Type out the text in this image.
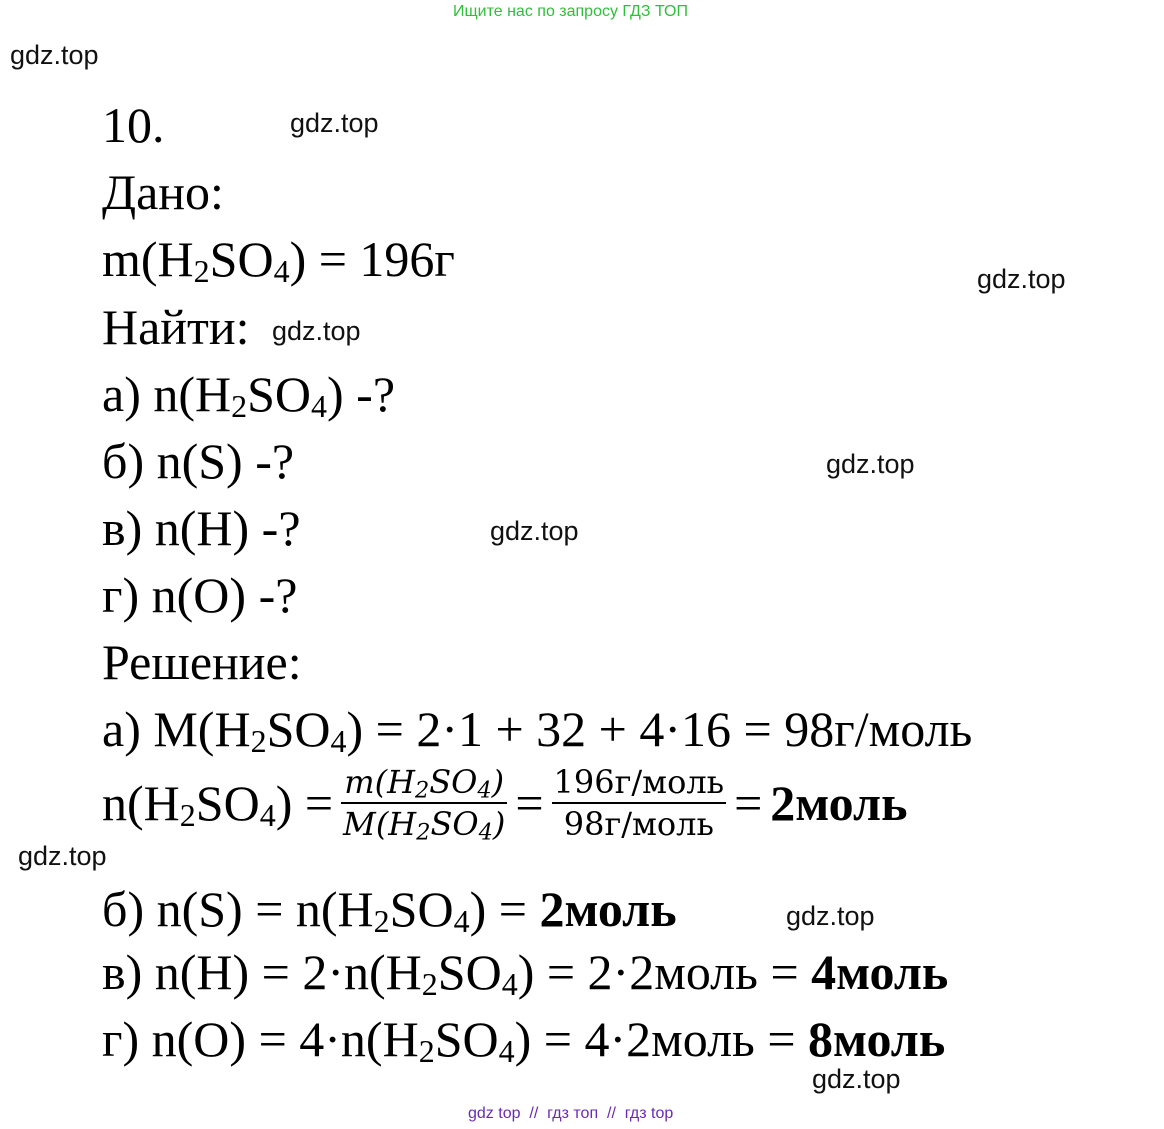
Ищите нас по запросу ГДЗ ТОП
gdz.top
gdz.top
gdz.top
gdz.top
gdz.top
gdz.top
gdz.top
gdz.top
gdz.top
10.
Дано:
$m(H_2SO_4) = 196г$
Найти:
а) $n(H_2SO_4)$ -?
б) n(S) -?
в) n(H) -?
г) n(O) -?
Решение:
а) $M(H_2SO_4) = 2\cdot 1 + 32 + 4\cdot 16$ = 98г/моль
$n(H_2SO_4) = \frac{m(H_2SO_4)}{M(H_2SO_4)} = \frac{\text{196г/моль}}{\text{98г/моль}}$ = 2моль
б) $n(S) = n(H_2SO_4)$ = 2моль
в) $n(H) = 2\cdot n(H_2SO_4)$ = 2·2моль = 4моль
г) $n(O) = 4\cdot n(H_2SO_4)$ = 4·2моль = 8моль
gdz top  //  гдз топ  //  гдз top
